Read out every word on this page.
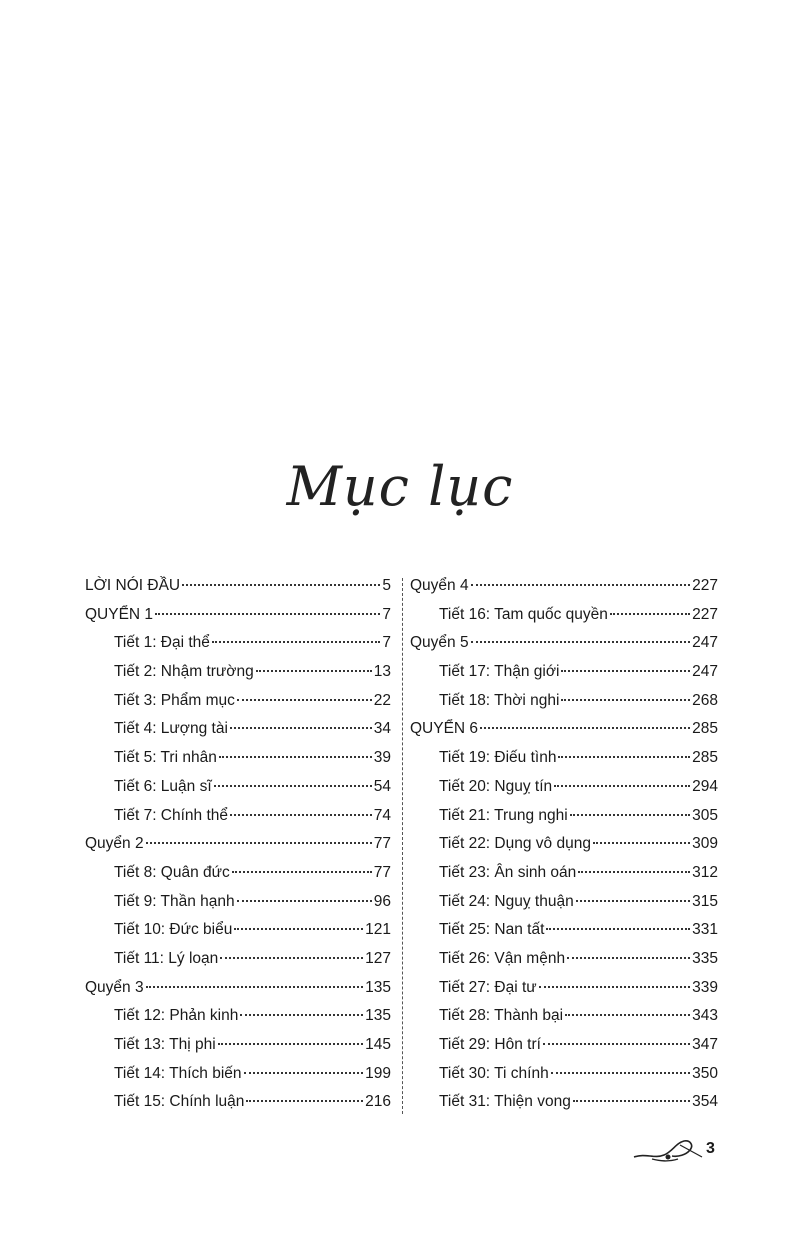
Mục lục
LỜI NÓI ĐẦU	5
QUYỂN 1	7
Tiết 1: Đại thể	7
Tiết 2: Nhậm trường	13
Tiết 3: Phẩm mục	22
Tiết 4: Lượng tài	34
Tiết 5: Tri nhân	39
Tiết 6: Luận sĩ	54
Tiết 7: Chính thể	74
Quyển 2	77
Tiết 8: Quân đức	77
Tiết 9: Thần hạnh	96
Tiết 10: Đức biểu	121
Tiết 11: Lý loạn	127
Quyển 3	135
Tiết 12: Phản kinh	135
Tiết 13: Thị phi	145
Tiết 14: Thích biến	199
Tiết 15: Chính luận	216
Quyển 4	227
Tiết 16: Tam quốc quyền	227
Quyển 5	247
Tiết 17: Thận giới	247
Tiết 18: Thời nghi	268
QUYỂN 6	285
Tiết 19: Điếu tình	285
Tiết 20: Nguỵ tín	294
Tiết 21: Trung nghi	305
Tiết 22: Dụng vô dụng	309
Tiết 23: Ân sinh oán	312
Tiết 24: Nguỵ thuận	315
Tiết 25: Nan tất	331
Tiết 26: Vận mệnh	335
Tiết 27: Đại tư	339
Tiết 28: Thành bại	343
Tiết 29: Hôn trí	347
Tiết 30: Ti chính	350
Tiết 31: Thiện vong	354
3
